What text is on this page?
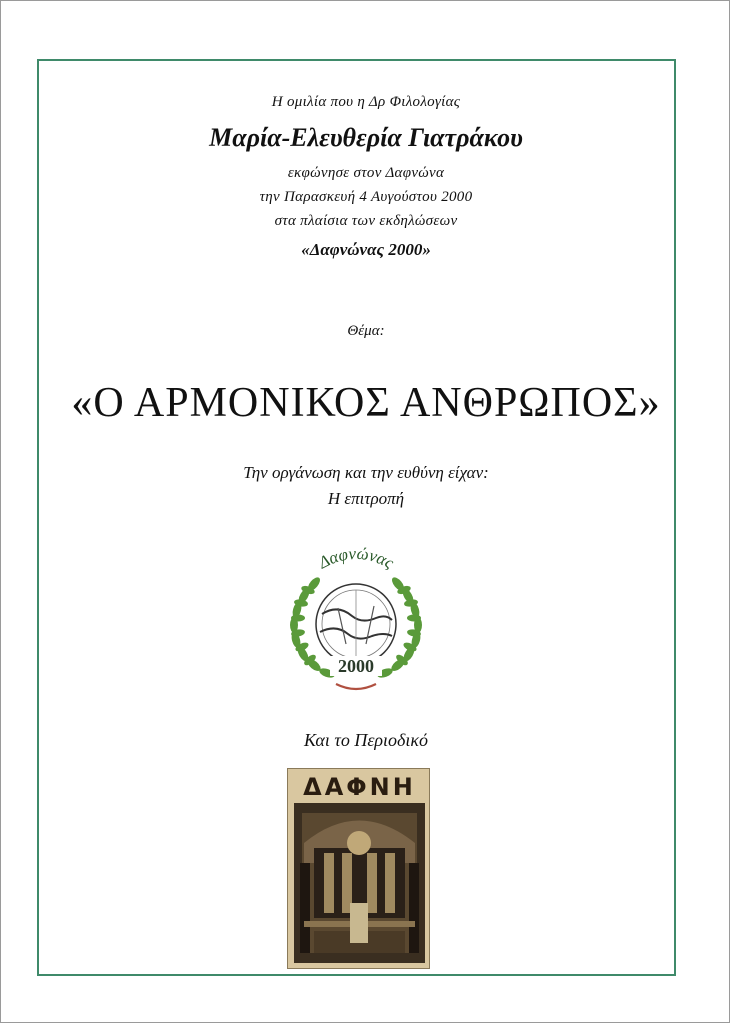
Η ομιλία που η Δρ Φιλολογίας
Μαρία-Ελευθερία Γιατράκου
εκφώνησε στον Δαφνώνα
την Παρασκευή 4 Αυγούστου 2000
στα πλαίσια των εκδηλώσεων
«Δαφνώνας 2000»
Θέμα:
«Ο ΑΡΜΟΝΙΚΟΣ ΑΝΘΡΩΠΟΣ»
Την οργάνωση και την ευθύνη είχαν:
Η επιτροπή
Δαφνώνας
2000
Και το Περιοδικό
ΔΑΦΝΗ
